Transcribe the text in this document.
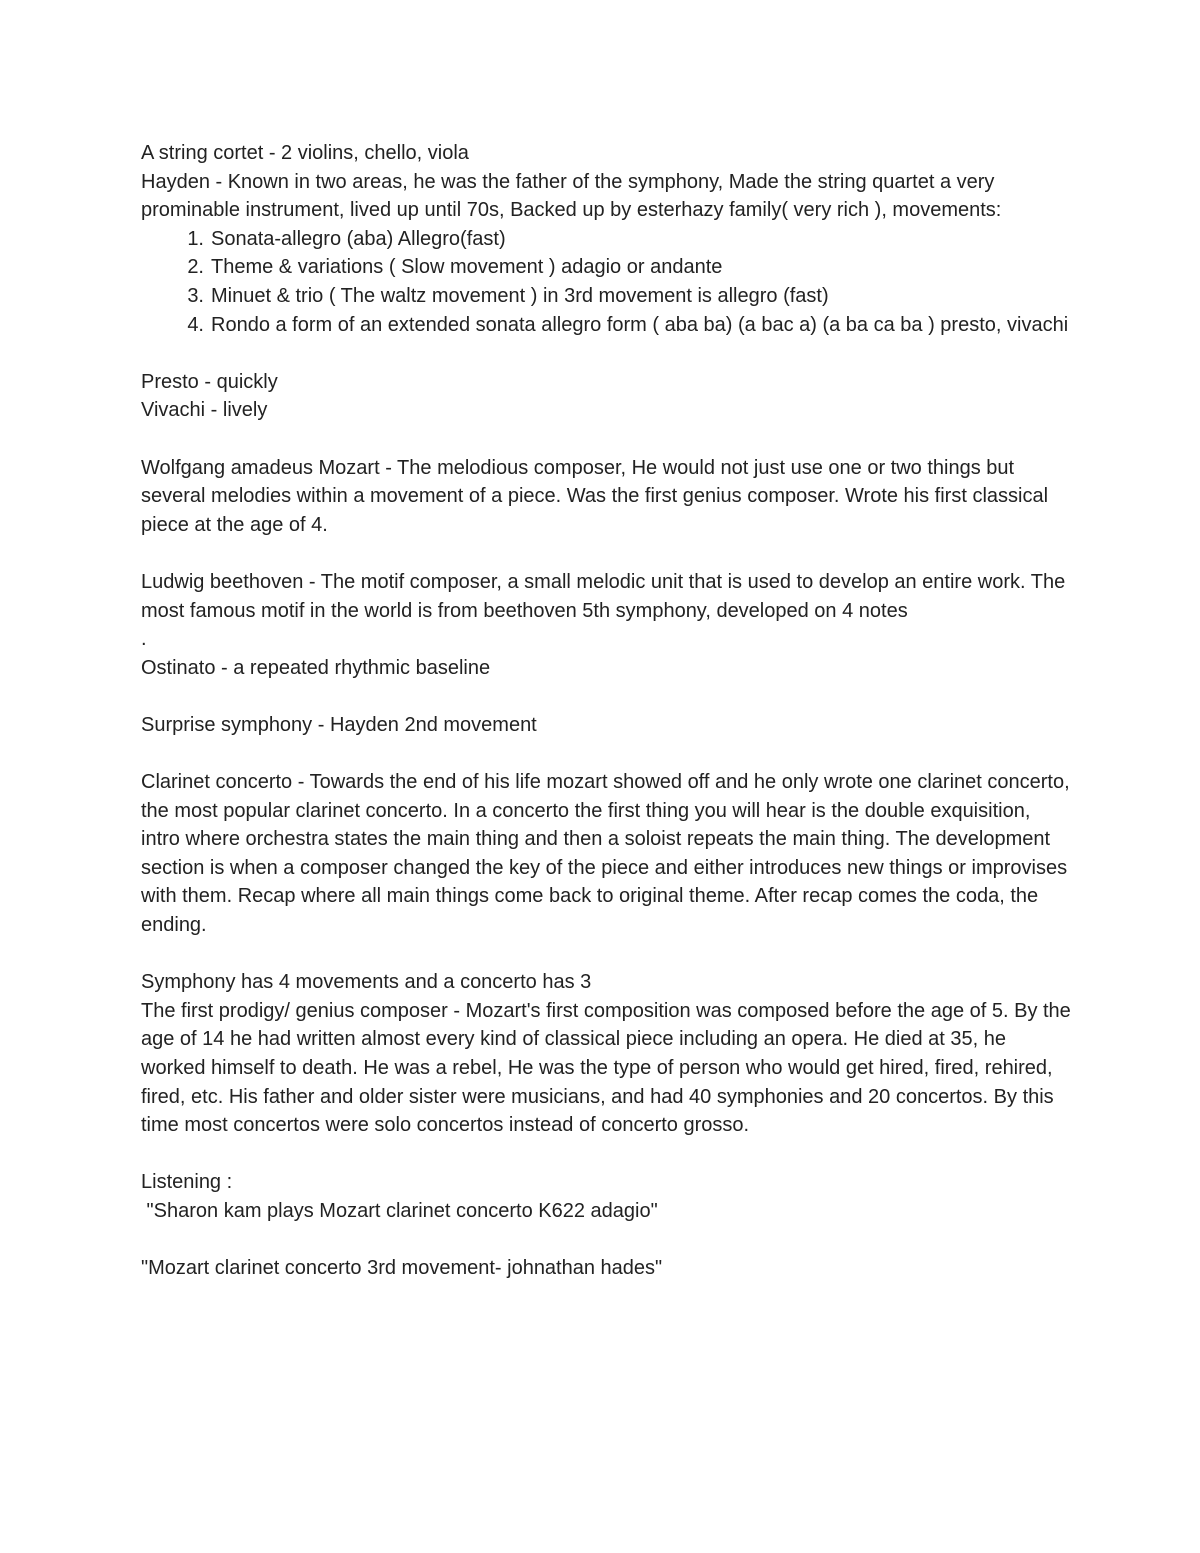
A string cortet - 2 violins, chello, viola

Hayden - Known in two areas, he was the father of the symphony, Made the string quartet a very prominable instrument, lived up until 70s, Backed up by esterhazy family( very rich ), movements:

1. Sonata-allegro (aba) Allegro(fast)
2. Theme & variations ( Slow movement ) adagio or andante
3. Minuet & trio ( The waltz movement ) in 3rd movement is allegro (fast)
4. Rondo a form of an extended sonata allegro form ( aba ba) (a bac a) (a ba ca ba ) presto, vivachi

Presto - quickly

Vivachi - lively

Wolfgang amadeus Mozart - The melodious composer, He would not just use one or two things but several melodies within a movement of a piece. Was the first genius composer. Wrote his first classical piece at the age of 4.

Ludwig beethoven - The motif composer, a small melodic unit that is used to develop an entire work. The most famous motif in the world is from beethoven 5th symphony, developed on 4 notes

.

Ostinato - a repeated rhythmic baseline

Surprise symphony - Hayden 2nd movement

Clarinet concerto - Towards the end of his life mozart showed off and he only wrote one clarinet concerto, the most popular clarinet concerto. In a concerto the first thing you will hear is the double exquisition, intro where orchestra states the main thing and then a soloist repeats the main thing. The development section is when a composer changed the key of the piece and either introduces new things or improvises with them. Recap where all main things come back to original theme. After recap comes the coda, the ending.

Symphony has 4 movements and a concerto has 3

The first prodigy/ genius composer - Mozart's first composition was composed before the age of 5. By the age of 14 he had written almost every kind of classical piece including an opera. He died at 35, he worked himself to death. He was a rebel, He was the type of person who would get hired, fired, rehired, fired, etc. His father and older sister were musicians, and had 40 symphonies and 20 concertos. By this time most concertos were solo concertos instead of concerto grosso.

Listening :

"Sharon kam plays Mozart clarinet concerto K622 adagio"

"Mozart clarinet concerto 3rd movement- johnathan hades"
